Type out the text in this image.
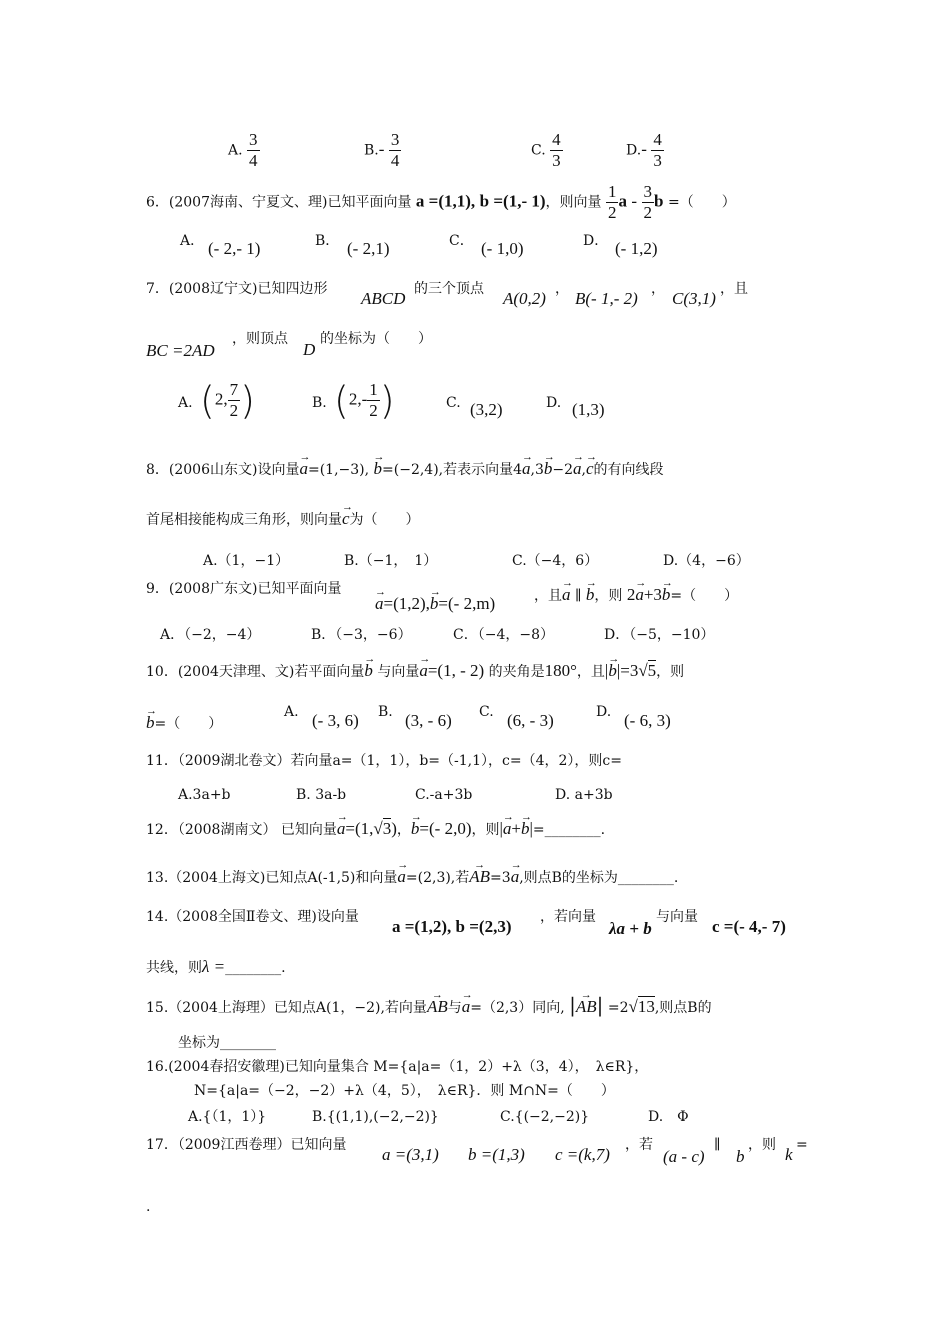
A. $\frac{3}{4}$	$B.- \frac{3}{4}$	C. $\frac{4}{3}$	$D.- \frac{4}{3}$
6．(2007海南、宁夏文、理)已知平面向量 a =(1,1), b =(1,- 1)，则向量 $\frac{1}{2}$ a - $\frac{3}{2}$ b =（　　）
A． (- 2,- 1)	B． (- 2,1)	C． (- 1,0)	D． (- 1,2)
7．(2008辽宁文)已知四边形 ABCD 的三个顶点 A(0,2) ， B(- 1,- 2) ， C(3,1) ，且
BC =2AD
，则顶点
D
的坐标为（　　）
A. (2, $\frac{7}{2}$ )	B. ($2,- \frac{1}{2}$ )	C. (3,2)	D. (1,3)
8．(2006山东文)设向量→ a=(1,−3), → b=(−2,4),若表示向量4→ a,3→ b−2→ a,→ c的有向线段
首尾相接能构成三角形，则向量→ c为（　　）
A.（1，−1）	B.（−1，　1）	C.（−4，6）	D.（4，−6）
9．(2008广东文)已知平面向量
→ a=(1,2),→ b=(- 2,m)	，且→ a ∥ → b，则 2→ a+3→ b=（　　）
A．（−2，−4）	B．（−3，−6）	C．（−4，−8）	D．（−5，−10）
10．(2004天津理、文)若平面向量→ b 与向量→ a=(1, - 2) 的夹角是180°，且|→ b|=3√5，则
→ b=（　　）
A. (- 3, 6) B. (3, - 6) C. (6, - 3)	D. (- 6, 3)
11．（2009湖北卷文）若向量a=（1，1），b=（-1,1），c=（4，2），则c=
A.3a+b	B. 3a-b	C.-a+3b	D. a+3b
12．（2008湖南文） 已知向量→ a=(1,√3)，→ b=(- 2,0)，则|→ a+→ b|=________.
13.（2004上海文)已知点A(-1,5)和向量→ a=(2,3),若→ AB=3→ a,则点B的坐标为________.
14.（2008全国Ⅱ卷文、理)设向量 a =(1,2), b =(2,3) ，若向量
λa + b
与向量 c =(- 4,- 7)
共线，则λ =________.
15.（2004上海理）已知点A(1，−2),若向量→ AB与→ a=（2,3）同向, |→ AB| =2√13,则点B的
坐标为________
16.(2004春招安徽理)已知向量集合 M={a|a=（1，2）+λ（3，4），　λ∈R}，
N={a|a=（−2，−2）+λ（4，5），　λ∈R}．则 M∩N=（　　）
A.{（1，1）}	B.{(1,1),(−2,−2)}	C.{(−2,−2)}	D.　Φ
17．（2009江西卷理）已知向量 a =(3,1) b =(1,3) c =(k,7) ，若
(a - c)
∥
b
，则 k =
.
